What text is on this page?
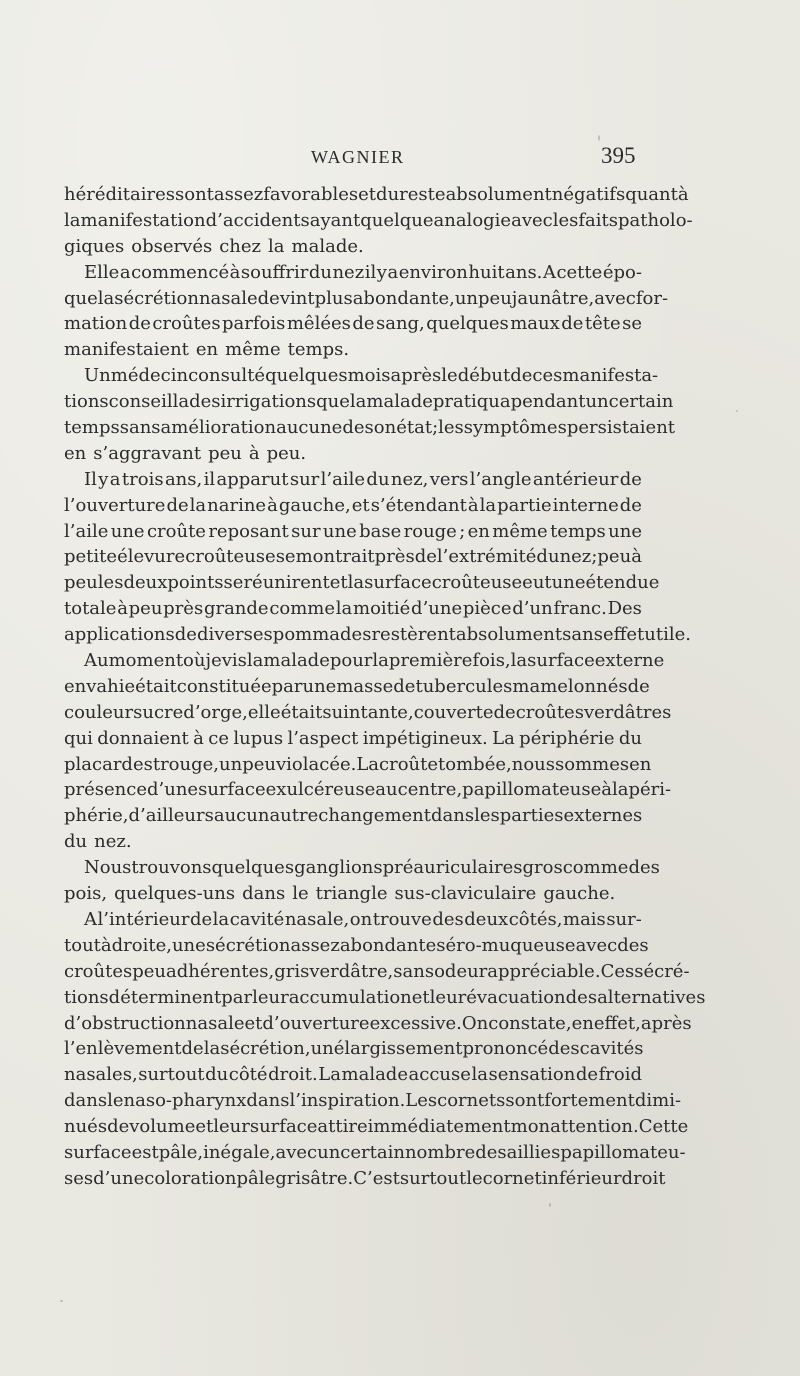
WAGNIER	395
héréditaires sont assez favorables et du reste absolument négatifs quant à
la manifestation d’accidents ayant quelque analogie avec les faits patholo-
giques observés chez la malade.
Elle a commencé à souffrir du nez il y a environ huit ans. A cette épo-
que la sécrétion nasale devint plus abondante, un peu jaunâtre, avec for-
mation de croûtes parfois mêlées de sang, quelques maux de tête se
manifestaient en même temps.
Un médecin consulté quelques mois après le début de ces manifesta-
tions conseilla des irrigations que la malade pratiqua pendant un certain
temps sans amélioration aucune de son état ; les symptômes persistaient
en s’aggravant peu à peu.
Il y a trois ans, il apparut sur l’aile du nez, vers l’angle antérieur de
l’ouverture de la narine à gauche, et s’étendant à la partie interne de
l’aile une croûte reposant sur une base rouge ; en même temps une
petite élevure croûteuse se montrait près de l’extrémité du nez ; peu à
peu les deux points se réunirent et la surface croûteuse eut une étendue
totale à peu près grande comme la moitié d’une pièce d’un franc. Des
applications de diverses pommades restèrent absolument sans effet utile.
Au moment où je vis la malade pour la première fois, la surface externe
envahie était constituée par une masse de tubercules mamelonnés de
couleur sucre d’orge, elle était suintante, couverte de croûtes verdâtres
qui donnaient à ce lupus l’aspect impétigineux. La périphérie du
placard est rouge, un peu violacée. La croûte tombée, nous sommes en
présence d’une surface exulcéreuse au centre, papillomateuse à la péri-
phérie, d’ailleurs aucun autre changement dans les parties externes
du nez.
Nous trouvons quelques ganglions préauriculaires gros comme des
pois, quelques-uns dans le triangle sus-claviculaire gauche.
A l’intérieur de la cavité nasale, on trouve des deux côtés, mais sur-
tout à droite, une sécrétion assez abondante séro-muqueuse avec des
croûtes peu adhérentes, gris verdâtre, sans odeur appréciable. Ces sécré-
tions déterminent par leur accumulation et leur évacuation des alternatives
d’obstruction nasale et d’ouverture excessive. On constate, en effet, après
l’enlèvement de la sécrétion, un élargissement prononcé des cavités
nasales, surtout du côté droit. La malade accuse la sensation de froid
dans le naso-pharynx dans l’inspiration. Les cornets sont fortement dimi-
nués de volume et leur surface attire immédiatement mon attention. Cette
surface est pâle, inégale, avec un certain nombre de saillies papillomateu-
ses d’une coloration pâle grisâtre. C’est surtout le cornet inférieur droit
